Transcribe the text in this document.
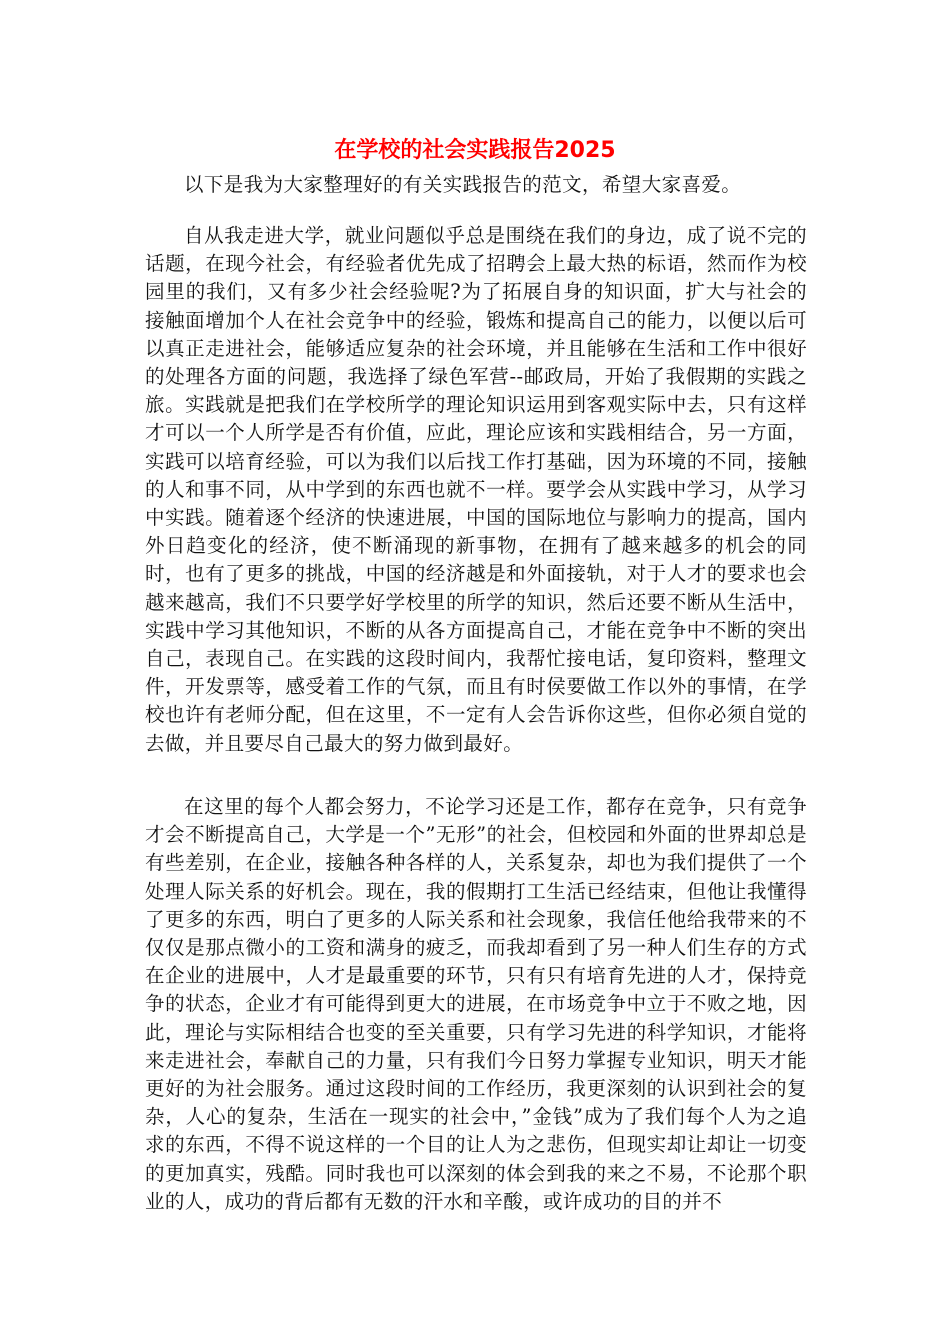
在学校的社会实践报告2025

以下是我为大家整理好的有关实践报告的范文，希望大家喜爱。

自从我走进大学，就业问题似乎总是围绕在我们的身边，成了说不完的话题，在现今社会，有经验者优先成了招聘会上最大热的标语，然而作为校园里的我们，又有多少社会经验呢?为了拓展自身的知识面，扩大与社会的接触面增加个人在社会竞争中的经验，锻炼和提高自己的能力，以便以后可以真正走进社会，能够适应复杂的社会环境，并且能够在生活和工作中很好的处理各方面的问题，我选择了绿色军营--邮政局，开始了我假期的实践之旅。实践就是把我们在学校所学的理论知识运用到客观实际中去，只有这样才可以一个人所学是否有价值，应此，理论应该和实践相结合，另一方面，实践可以培育经验，可以为我们以后找工作打基础，因为环境的不同，接触的人和事不同，从中学到的东西也就不一样。要学会从实践中学习，从学习中实践。随着逐个经济的快速进展，中国的国际地位与影响力的提高，国内外日趋变化的经济，使不断涌现的新事物，在拥有了越来越多的机会的同时，也有了更多的挑战，中国的经济越是和外面接轨，对于人才的要求也会越来越高，我们不只要学好学校里的所学的知识，然后还要不断从生活中，实践中学习其他知识，不断的从各方面提高自己，才能在竞争中不断的突出自己，表现自己。在实践的这段时间内，我帮忙接电话，复印资料，整理文件，开发票等，感受着工作的气氛，而且有时侯要做工作以外的事情，在学校也许有老师分配，但在这里，不一定有人会告诉你这些，但你必须自觉的去做，并且要尽自己最大的努力做到最好。

在这里的每个人都会努力，不论学习还是工作，都存在竞争，只有竞争才会不断提高自己，大学是一个”无形”的社会，但校园和外面的世界却总是有些差别，在企业，接触各种各样的人，关系复杂，却也为我们提供了一个处理人际关系的好机会。现在，我的假期打工生活已经结束，但他让我懂得了更多的东西，明白了更多的人际关系和社会现象，我信任他给我带来的不仅仅是那点微小的工资和满身的疲乏，而我却看到了另一种人们生存的方式在企业的进展中，人才是最重要的环节，只有只有培育先进的人才，保持竞争的状态，企业才有可能得到更大的进展，在市场竞争中立于不败之地，因此，理论与实际相结合也变的至关重要，只有学习先进的科学知识，才能将来走进社会，奉献自己的力量，只有我们今日努力掌握专业知识，明天才能更好的为社会服务。通过这段时间的工作经历，我更深刻的认识到社会的复杂，人心的复杂，生活在一现实的社会中，”金钱”成为了我们每个人为之追求的东西，不得不说这样的一个目的让人为之悲伤，但现实却让却让一切变的更加真实，残酷。同时我也可以深刻的体会到我的来之不易，不论那个职业的人，成功的背后都有无数的汗水和辛酸，或许成功的目的并不
